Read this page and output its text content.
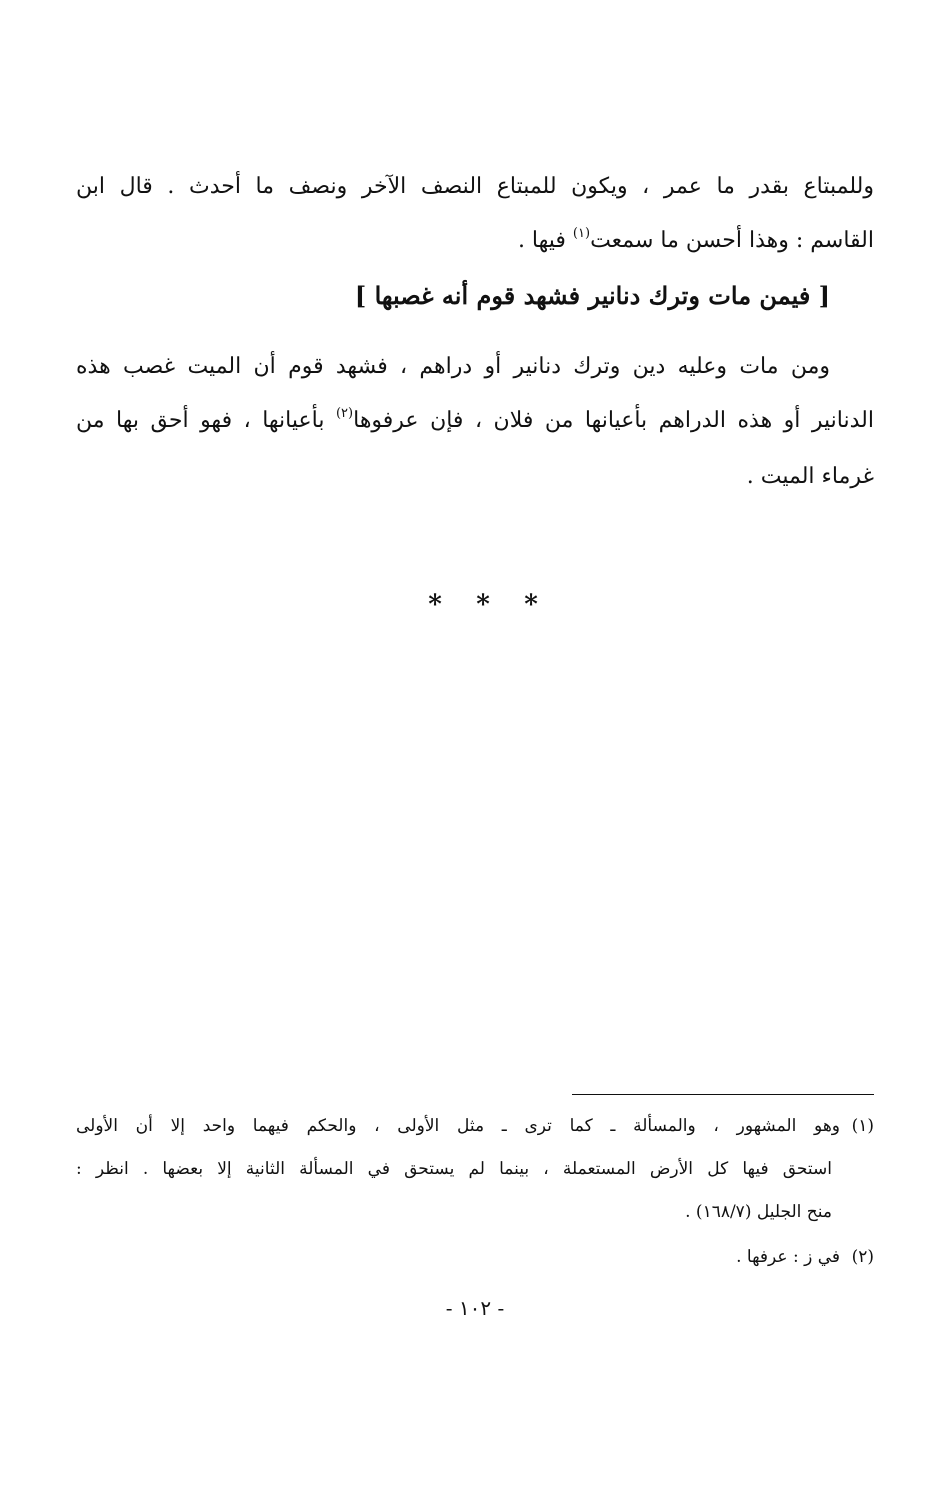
وللمبتاع بقدر ما عمر ، ويكون للمبتاع النصف الآخر ونصف ما أحدث . قال ابن
القاسم : وهذا أحسن ما سمعت$^{(١)}$ فيها .
[ فيمن مات وترك دنانير فشهد قوم أنه غصبها ]
ومن مات وعليه دين وترك دنانير أو دراهم ، فشهد قوم أن الميت غصب هذه
الدنانير أو هذه الدراهم بأعيانها من فلان ، فإن عرفوها$^{(٢)}$ بأعيانها ، فهو أحق بها من
غرماء الميت .
* * *
(١)وهو المشهور ، والمسألة ـ كما ترى ـ مثل الأولى ، والحكم فيهما واحد إلا أن الأولى
استحق فيها كل الأرض المستعملة ، بينما لم يستحق في المسألة الثانية إلا بعضها . انظر :
منح الجليل (١٦٨/٧) .
(٢)في ز : عرفها .
- ١٠٢ -
